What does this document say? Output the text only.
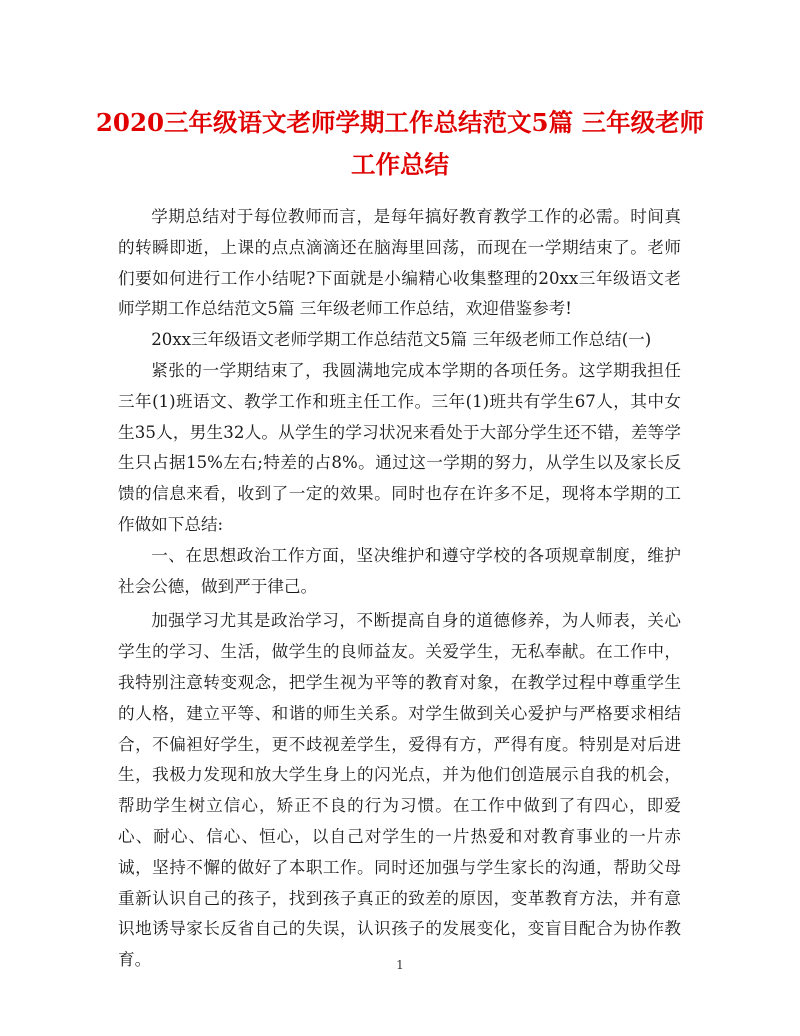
2020三年级语文老师学期工作总结范文5篇 三年级老师工作总结

学期总结对于每位教师而言，是每年搞好教育教学工作的必需。时间真的转瞬即逝，上课的点点滴滴还在脑海里回荡，而现在一学期结束了。老师们要如何进行工作小结呢?下面就是小编精心收集整理的20xx三年级语文老师学期工作总结范文5篇 三年级老师工作总结，欢迎借鉴参考!

20xx三年级语文老师学期工作总结范文5篇 三年级老师工作总结(一)

紧张的一学期结束了，我圆满地完成本学期的各项任务。这学期我担任三年(1)班语文、教学工作和班主任工作。三年(1)班共有学生67人，其中女生35人，男生32人。从学生的学习状况来看处于大部分学生还不错，差等学生只占据15%左右;特差的占8%。通过这一学期的努力，从学生以及家长反馈的信息来看，收到了一定的效果。同时也存在许多不足，现将本学期的工作做如下总结:

一、在思想政治工作方面，坚决维护和遵守学校的各项规章制度，维护社会公德，做到严于律己。

加强学习尤其是政治学习，不断提高自身的道德修养，为人师表，关心学生的学习、生活，做学生的良师益友。关爱学生，无私奉献。在工作中，我特别注意转变观念，把学生视为平等的教育对象，在教学过程中尊重学生的人格，建立平等、和谐的师生关系。对学生做到关心爱护与严格要求相结合，不偏袒好学生，更不歧视差学生，爱得有方，严得有度。特别是对后进生，我极力发现和放大学生身上的闪光点，并为他们创造展示自我的机会，帮助学生树立信心，矫正不良的行为习惯。在工作中做到了有四心，即爱心、耐心、信心、恒心，以自己对学生的一片热爱和对教育事业的一片赤诚，坚持不懈的做好了本职工作。同时还加强与学生家长的沟通，帮助父母重新认识自己的孩子，找到孩子真正的致差的原因，变革教育方法，并有意识地诱导家长反省自己的失误，认识孩子的发展变化，变盲目配合为协作教育。	1
